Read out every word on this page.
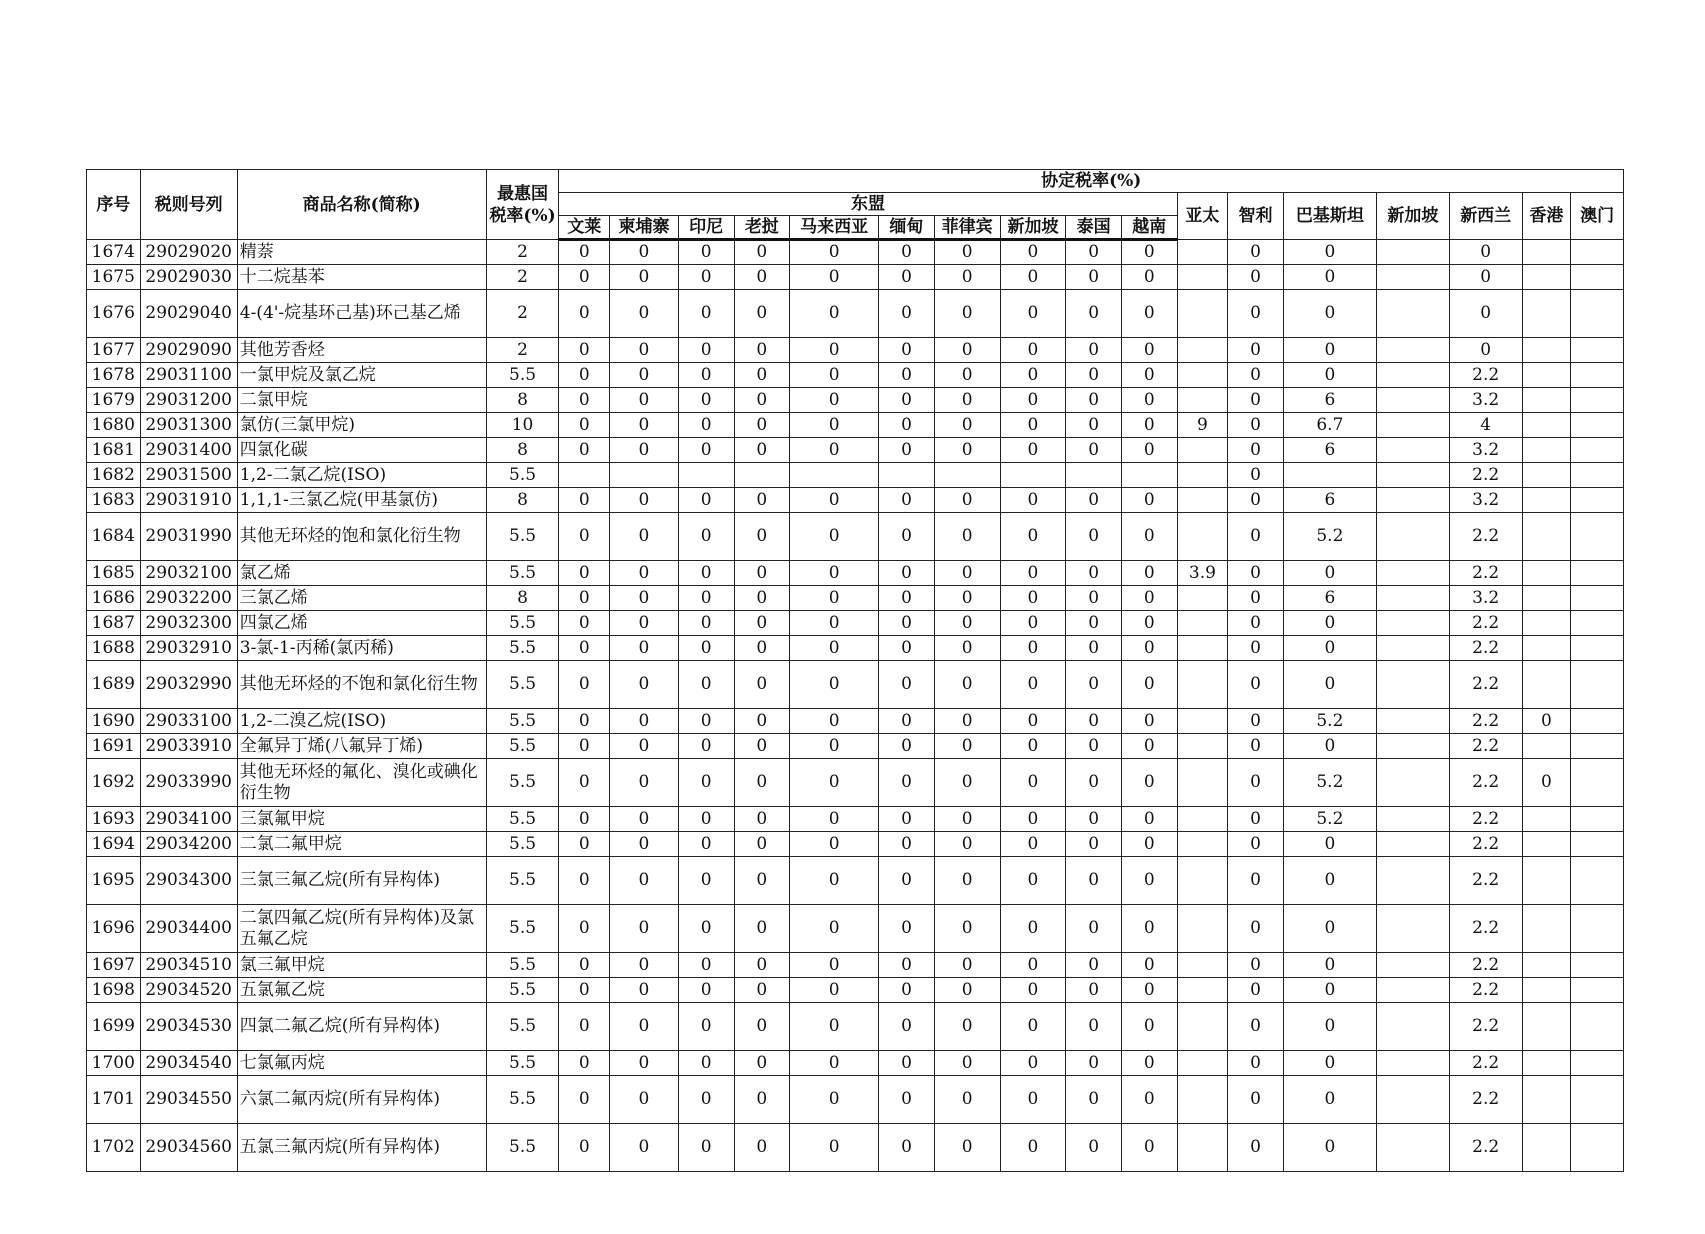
序号	税则号列	商品名称(简称)	最惠国税率(%)	协定税率(%)																
				东盟										亚太	智利	巴基斯坦	新加坡	新西兰	香港	澳门
				文莱	柬埔寨	印尼	老挝	马来西亚	缅甸	菲律宾	新加坡	泰国	越南							
1674	29029020	精萘	2	0	0	0	0	0	0	0	0	0	0		0	0		0		
1675	29029030	十二烷基苯	2	0	0	0	0	0	0	0	0	0	0		0	0		0		
1676	29029040	4-(4'-烷基环己基)环己基乙烯	2	0	0	0	0	0	0	0	0	0	0		0	0		0		
1677	29029090	其他芳香烃	2	0	0	0	0	0	0	0	0	0	0		0	0		0		
1678	29031100	一氯甲烷及氯乙烷	5.5	0	0	0	0	0	0	0	0	0	0		0	0		2.2		
1679	29031200	二氯甲烷	8	0	0	0	0	0	0	0	0	0	0		0	6		3.2		
1680	29031300	氯仿(三氯甲烷)	10	0	0	0	0	0	0	0	0	0	0	9	0	6.7		4		
1681	29031400	四氯化碳	8	0	0	0	0	0	0	0	0	0	0		0	6		3.2		
1682	29031500	1,2-二氯乙烷(ISO)	5.5												0			2.2		
1683	29031910	1,1,1-三氯乙烷(甲基氯仿)	8	0	0	0	0	0	0	0	0	0	0		0	6		3.2		
1684	29031990	其他无环烃的饱和氯化衍生物	5.5	0	0	0	0	0	0	0	0	0	0		0	5.2		2.2		
1685	29032100	氯乙烯	5.5	0	0	0	0	0	0	0	0	0	0	3.9	0	0		2.2		
1686	29032200	三氯乙烯	8	0	0	0	0	0	0	0	0	0	0		0	6		3.2		
1687	29032300	四氯乙烯	5.5	0	0	0	0	0	0	0	0	0	0		0	0		2.2		
1688	29032910	3-氯-1-丙稀(氯丙稀)	5.5	0	0	0	0	0	0	0	0	0	0		0	0		2.2		
1689	29032990	其他无环烃的不饱和氯化衍生物	5.5	0	0	0	0	0	0	0	0	0	0		0	0		2.2		
1690	29033100	1,2-二溴乙烷(ISO)	5.5	0	0	0	0	0	0	0	0	0	0		0	5.2		2.2	0	
1691	29033910	全氟异丁烯(八氟异丁烯)	5.5	0	0	0	0	0	0	0	0	0	0		0	0		2.2		
1692	29033990	其他无环烃的氟化、溴化或碘化衍生物	5.5	0	0	0	0	0	0	0	0	0	0		0	5.2		2.2	0	
1693	29034100	三氯氟甲烷	5.5	0	0	0	0	0	0	0	0	0	0		0	5.2		2.2		
1694	29034200	二氯二氟甲烷	5.5	0	0	0	0	0	0	0	0	0	0		0	0		2.2		
1695	29034300	三氯三氟乙烷(所有异构体)	5.5	0	0	0	0	0	0	0	0	0	0		0	0		2.2		
1696	29034400	二氯四氟乙烷(所有异构体)及氯五氟乙烷	5.5	0	0	0	0	0	0	0	0	0	0		0	0		2.2		
1697	29034510	氯三氟甲烷	5.5	0	0	0	0	0	0	0	0	0	0		0	0		2.2		
1698	29034520	五氯氟乙烷	5.5	0	0	0	0	0	0	0	0	0	0		0	0		2.2		
1699	29034530	四氯二氟乙烷(所有异构体)	5.5	0	0	0	0	0	0	0	0	0	0		0	0		2.2		
1700	29034540	七氯氟丙烷	5.5	0	0	0	0	0	0	0	0	0	0		0	0		2.2		
1701	29034550	六氯二氟丙烷(所有异构体)	5.5	0	0	0	0	0	0	0	0	0	0		0	0		2.2		
1702	29034560	五氯三氟丙烷(所有异构体)	5.5	0	0	0	0	0	0	0	0	0	0		0	0		2.2		
